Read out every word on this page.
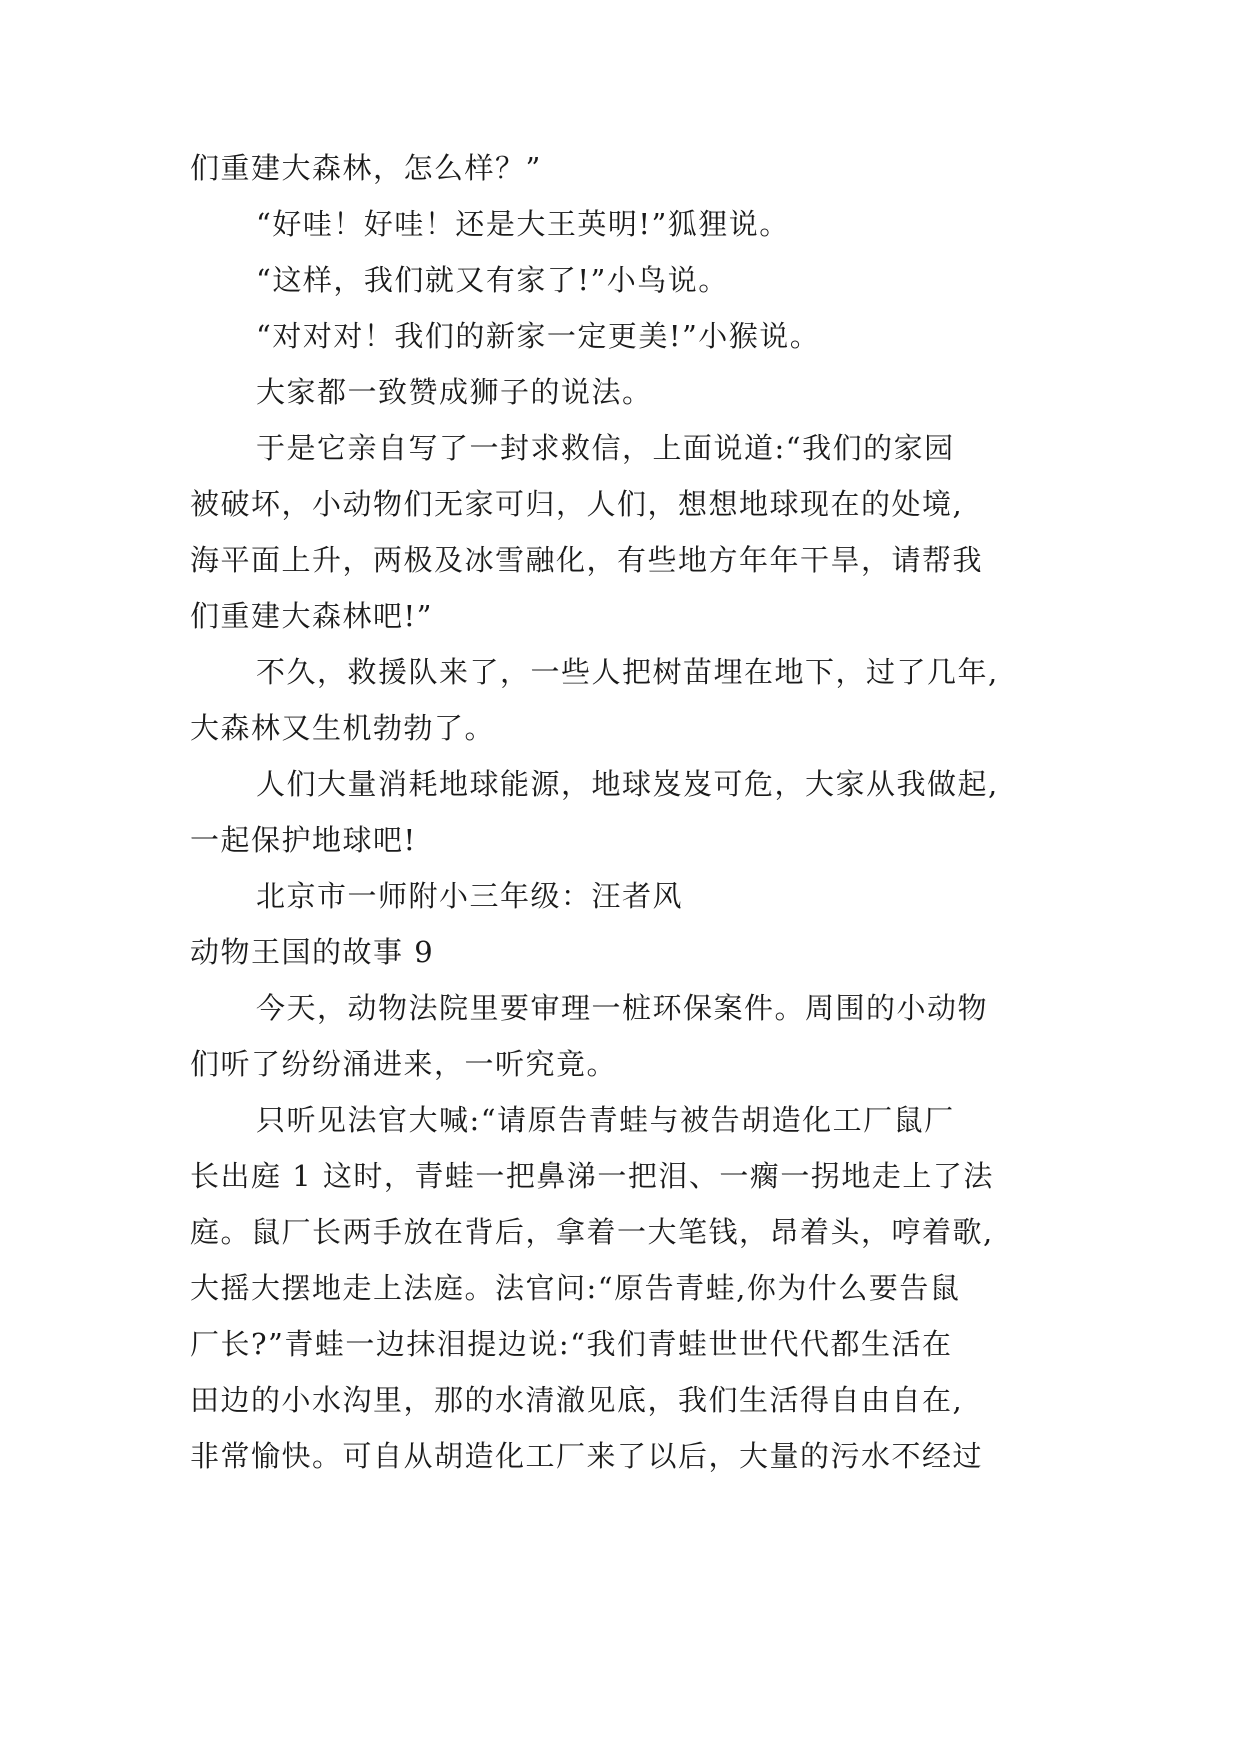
们重建大森林，怎么样？”
“好哇！好哇！还是大王英明!”狐狸说。
“这样，我们就又有家了!”小鸟说。
“对对对！我们的新家一定更美!”小猴说。
大家都一致赞成狮子的说法。
于是它亲自写了一封求救信，上面说道:“我们的家园
被破坏，小动物们无家可归，人们，想想地球现在的处境,
海平面上升，两极及冰雪融化，有些地方年年干旱，请帮我
们重建大森林吧!”
不久，救援队来了，一些人把树苗埋在地下，过了几年,
大森林又生机勃勃了。
人们大量消耗地球能源，地球岌岌可危，大家从我做起,
一起保护地球吧!
北京市一师附小三年级：汪者风
动物王国的故事 9
今天，动物法院里要审理一桩环保案件。周围的小动物
们听了纷纷涌进来，一听究竟。
只听见法官大喊:“请原告青蛙与被告胡造化工厂鼠厂
长出庭 1 这时，青蛙一把鼻涕一把泪、一瘸一拐地走上了法
庭。鼠厂长两手放在背后，拿着一大笔钱，昂着头，哼着歌,
大摇大摆地走上法庭。法官问:“原告青蛙,你为什么要告鼠
厂长?”青蛙一边抹泪提边说:“我们青蛙世世代代都生活在
田边的小水沟里，那的水清澈见底，我们生活得自由自在,
非常愉快。可自从胡造化工厂来了以后，大量的污水不经过
